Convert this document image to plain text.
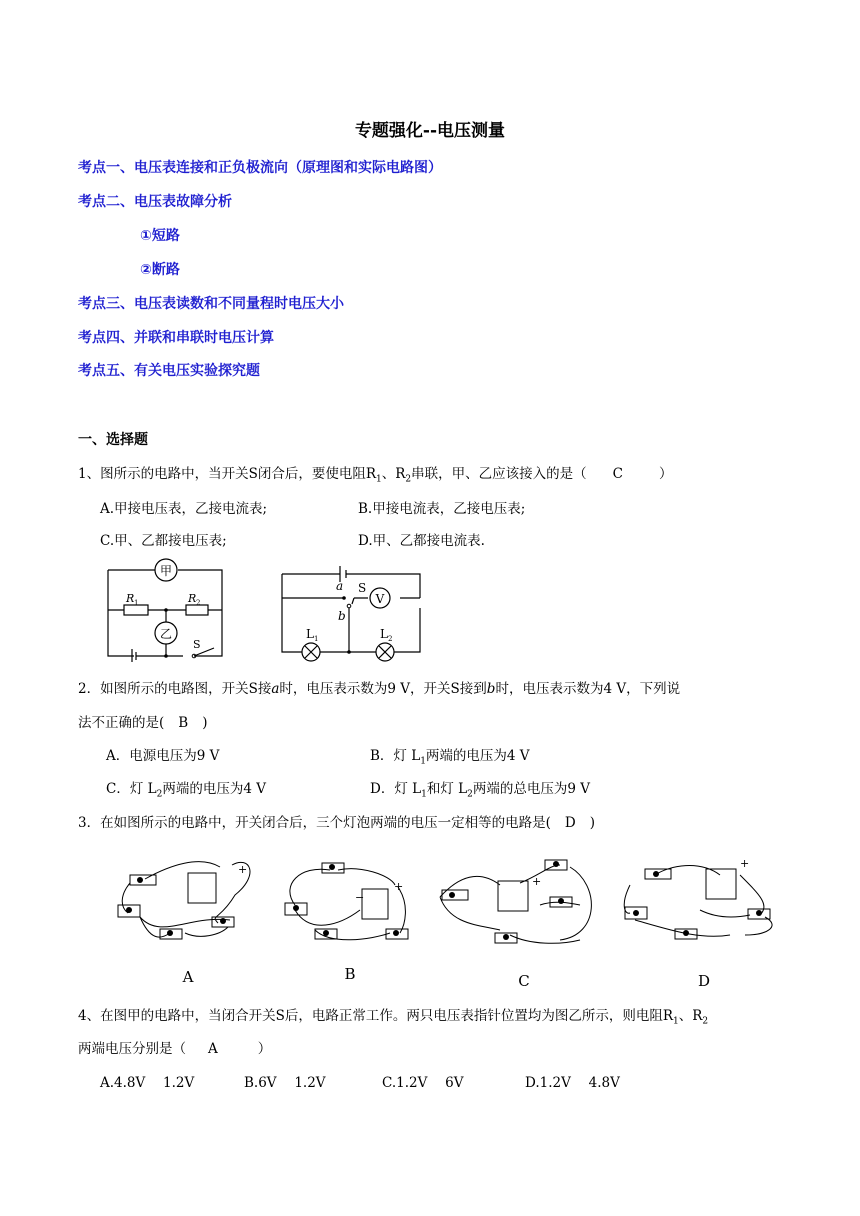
专题强化--电压测量
考点一、电压表连接和正负极流向（原理图和实际电路图）
考点二、电压表故障分析
①短路
②断路
考点三、电压表读数和不同量程时电压大小
考点四、并联和串联时电压计算
考点五、有关电压实验探究题
一、选择题
1、图所示的电路中，当开关S闭合后，要使电阻$R_1$、$R_2$串联，甲、乙应该接入的是（ C	）
A.甲接电压表，乙接电流表;	B.甲接电流表，乙接电压表;
C.甲、乙都接电压表;	D.甲、乙都接电流表.
甲
R 1	R 2
乙
S
a S
V
b
L 1	L 2
2．如图所示的电路图，开关S接a时，电压表示数为9 V，开关S接到b时，电压表示数为4 V，下列说
法不正确的是( B )
A．电源电压为9 V	B．灯 $L_1$两端的电压为4 V
C．灯 $L_2$两端的电压为4 V	D．灯 $L_1$和灯 $L_2$两端的总电压为9 V
3．在如图所示的电路中，开关闭合后，三个灯泡两端的电压一定相等的电路是( D )
+
+
−
+
+
A	B	C	D
4、在图甲的电路中，当闭合开关S后，电路正常工作。两只电压表指针位置均为图乙所示，则电阻$R_1$、$R_2$
两端电压分别是（ A	）
A.4.8V　 1.2V	B.6V　 1.2V	C.1.2V　 6V	D.1.2V　 4.8V
